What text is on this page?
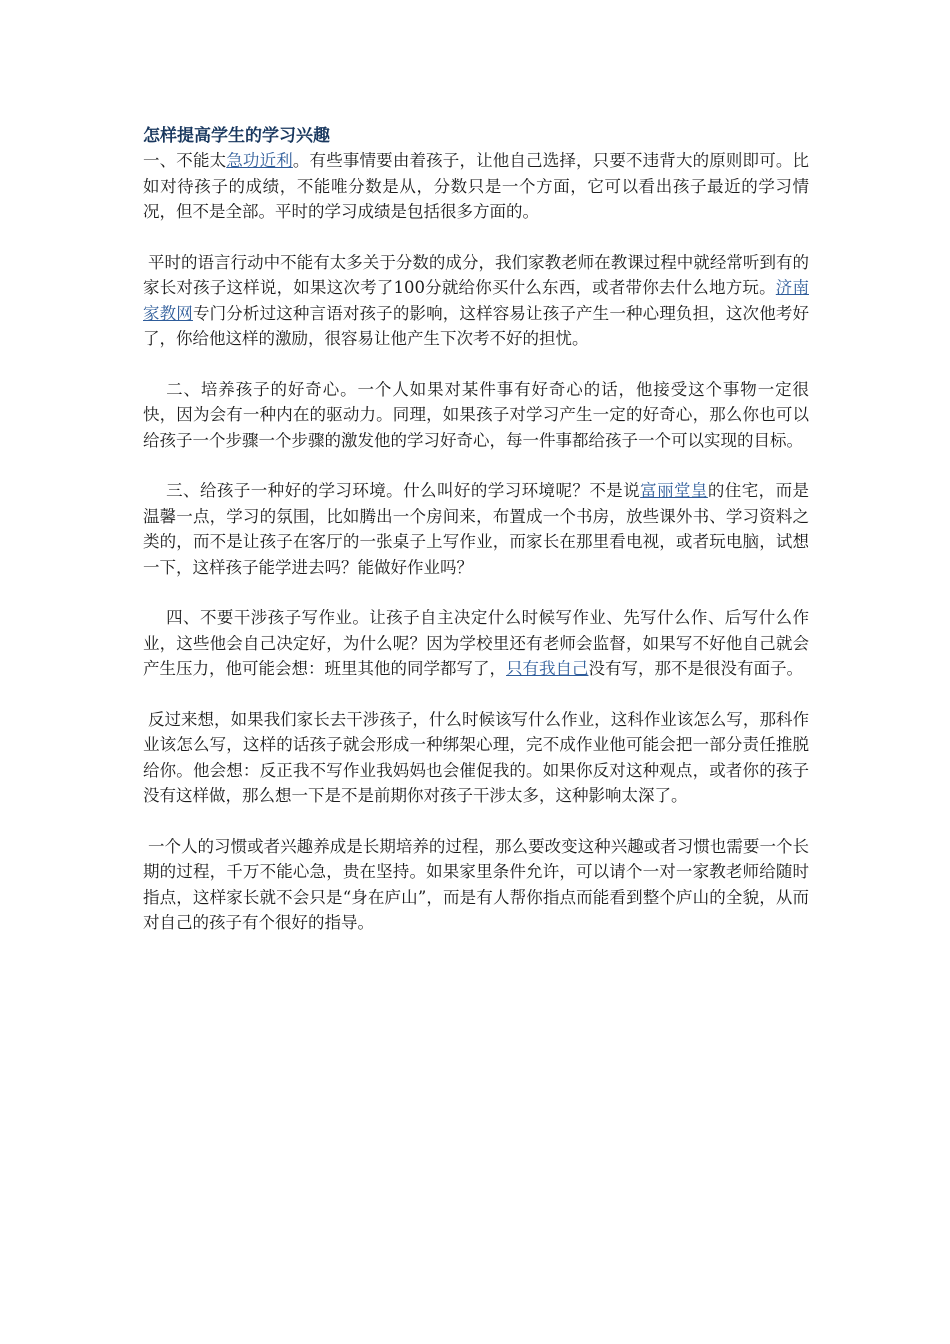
怎样提高学生的学习兴趣

一、不能太急功近利。有些事情要由着孩子，让他自己选择，只要不违背大的原则即可。比如对待孩子的成绩，不能唯分数是从，分数只是一个方面，它可以看出孩子最近的学习情况，但不是全部。平时的学习成绩是包括很多方面的。

平时的语言行动中不能有太多关于分数的成分，我们家教老师在教课过程中就经常听到有的家长对孩子这样说，如果这次考了100分就给你买什么东西，或者带你去什么地方玩。济南家教网专门分析过这种言语对孩子的影响，这样容易让孩子产生一种心理负担，这次他考好了，你给他这样的激励，很容易让他产生下次考不好的担忧。

二、培养孩子的好奇心。一个人如果对某件事有好奇心的话，他接受这个事物一定很快，因为会有一种内在的驱动力。同理，如果孩子对学习产生一定的好奇心，那么你也可以给孩子一个步骤一个步骤的激发他的学习好奇心，每一件事都给孩子一个可以实现的目标。

三、给孩子一种好的学习环境。什么叫好的学习环境呢？不是说富丽堂皇的住宅，而是温馨一点，学习的氛围，比如腾出一个房间来，布置成一个书房，放些课外书、学习资料之类的，而不是让孩子在客厅的一张桌子上写作业，而家长在那里看电视，或者玩电脑，试想一下，这样孩子能学进去吗？能做好作业吗？

四、不要干涉孩子写作业。让孩子自主决定什么时候写作业、先写什么作、后写什么作业，这些他会自己决定好，为什么呢？因为学校里还有老师会监督，如果写不好他自己就会产生压力，他可能会想：班里其他的同学都写了，只有我自己没有写，那不是很没有面子。

反过来想，如果我们家长去干涉孩子，什么时候该写什么作业，这科作业该怎么写，那科作业该怎么写，这样的话孩子就会形成一种绑架心理，完不成作业他可能会把一部分责任推脱给你。他会想：反正我不写作业我妈妈也会催促我的。如果你反对这种观点，或者你的孩子没有这样做，那么想一下是不是前期你对孩子干涉太多，这种影响太深了。

一个人的习惯或者兴趣养成是长期培养的过程，那么要改变这种兴趣或者习惯也需要一个长期的过程，千万不能心急，贵在坚持。如果家里条件允许，可以请个一对一家教老师给随时指点，这样家长就不会只是“身在庐山”，而是有人帮你指点而能看到整个庐山的全貌，从而对自己的孩子有个很好的指导。
